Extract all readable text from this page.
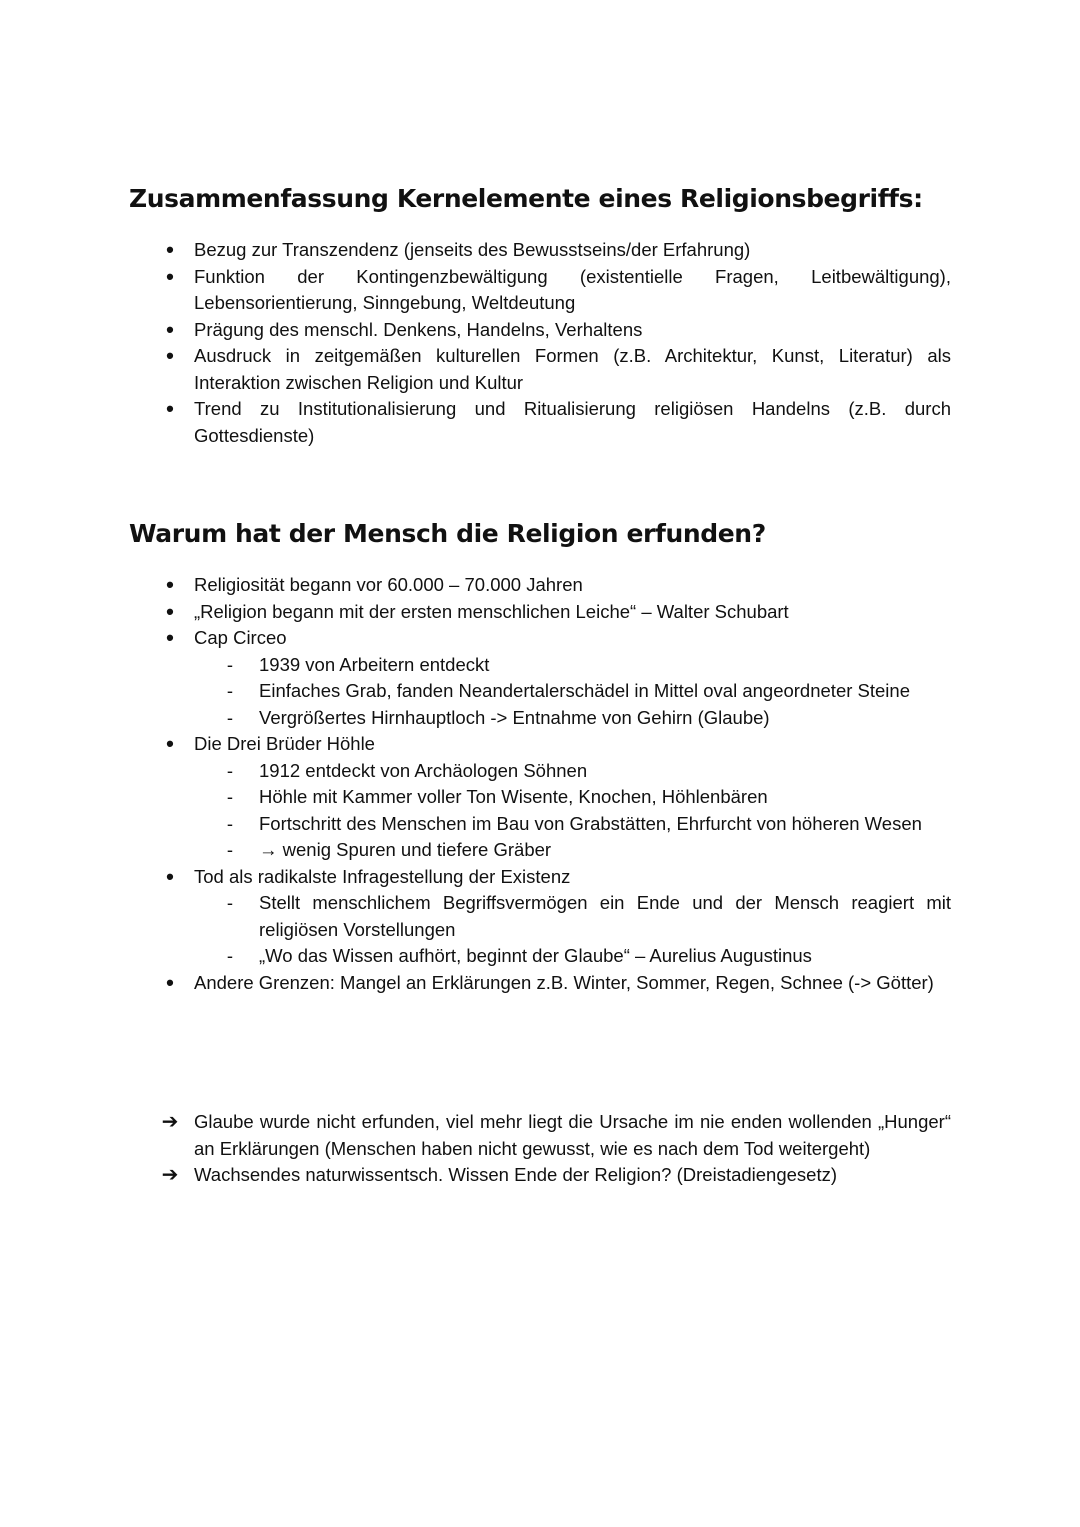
Zusammenfassung Kernelemente eines Religionsbegriffs:
•	Bezug zur Transzendenz (jenseits des Bewusstseins/der Erfahrung)
•	Funktion der Kontingenzbewältigung (existentielle Fragen, Leitbewältigung), Lebensorientierung, Sinngebung, Weltdeutung
•	Prägung des menschl. Denkens, Handelns, Verhaltens
•	Ausdruck in zeitgemäßen kulturellen Formen (z.B. Architektur, Kunst, Literatur) als Interaktion zwischen Religion und Kultur
•	Trend zu Institutionalisierung und Ritualisierung religiösen Handelns (z.B. durch Gottesdienste)
Warum hat der Mensch die Religion erfunden?
•	Religiosität begann vor 60.000 – 70.000 Jahren
•	„Religion begann mit der ersten menschlichen Leiche“ – Walter Schubart
•	Cap Circeo
- 1939 von Arbeitern entdeckt
- Einfaches Grab, fanden Neandertalerschädel in Mittel oval angeordneter Steine
- Vergrößertes Hirnhauptloch -> Entnahme von Gehirn (Glaube)
•	Die Drei Brüder Höhle
- 1912 entdeckt von Archäologen Söhnen
- Höhle mit Kammer voller Ton Wisente, Knochen, Höhlenbären
- Fortschritt des Menschen im Bau von Grabstätten, Ehrfurcht von höheren Wesen
- → wenig Spuren und tiefere Gräber
•	Tod als radikalste Infragestellung der Existenz
- Stellt menschlichem Begriffsvermögen ein Ende und der Mensch reagiert mit religiösen Vorstellungen
- „Wo das Wissen aufhört, beginnt der Glaube“ – Aurelius Augustinus
•	Andere Grenzen: Mangel an Erklärungen z.B. Winter, Sommer, Regen, Schnee (-> Götter)
➔ Glaube wurde nicht erfunden, viel mehr liegt die Ursache im nie enden wollenden „Hunger“ an Erklärungen (Menschen haben nicht gewusst, wie es nach dem Tod weitergeht)
➔ Wachsendes naturwissentsch. Wissen Ende der Religion? (Dreistadiengesetz)
